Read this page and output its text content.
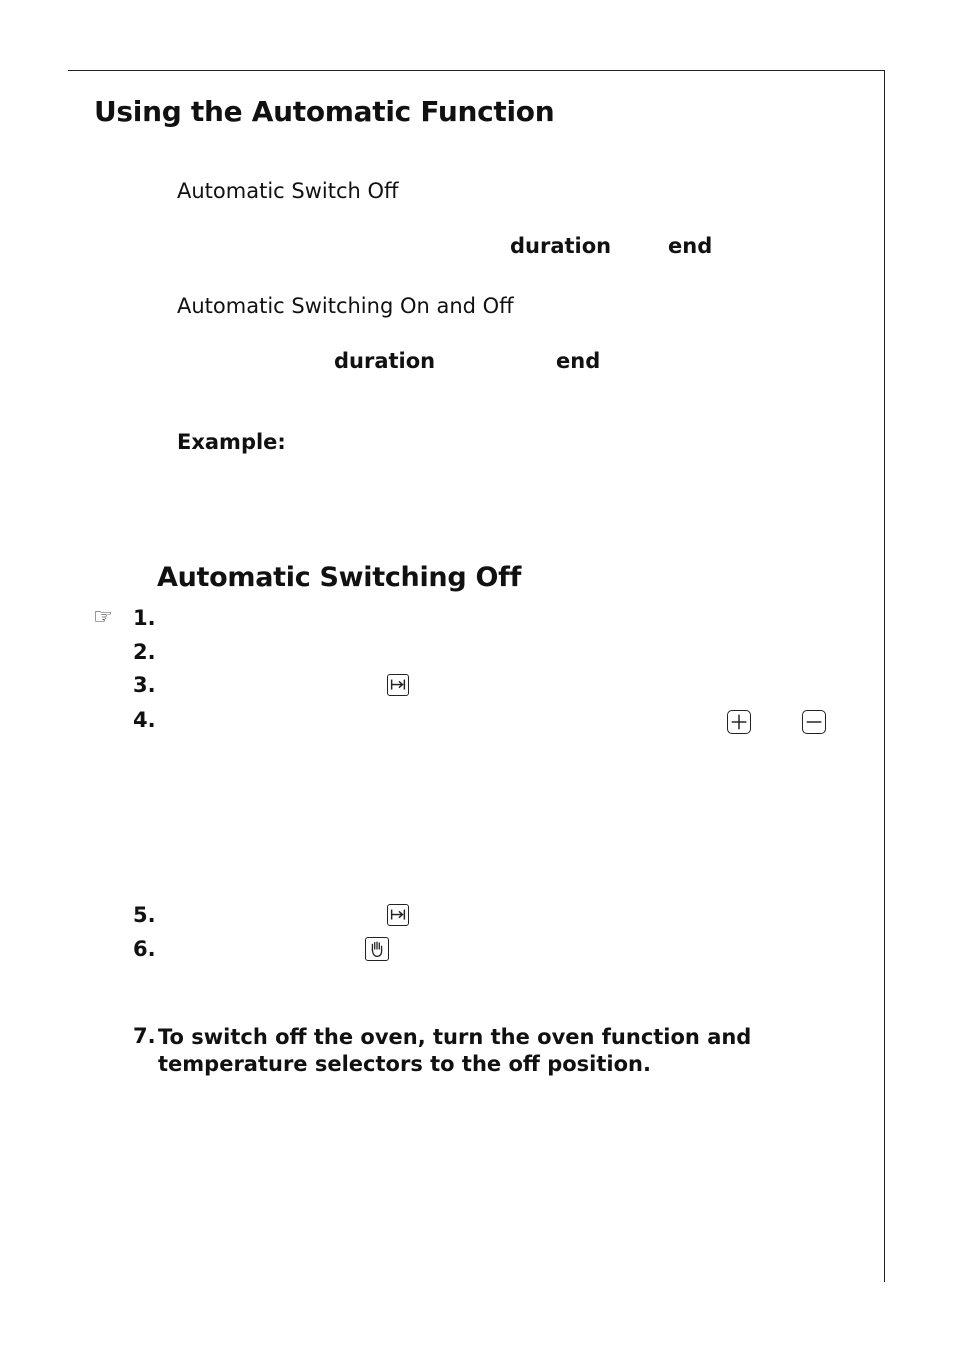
Using the Automatic Function
Automatic Switch Off
duration	end
Automatic Switching On and Off
duration	end
Example:
Automatic Switching Off
☞ 1.
2.
3.
4.
5.
6.
7. To switch off the oven, turn the oven function and temperature selectors to the off position.
